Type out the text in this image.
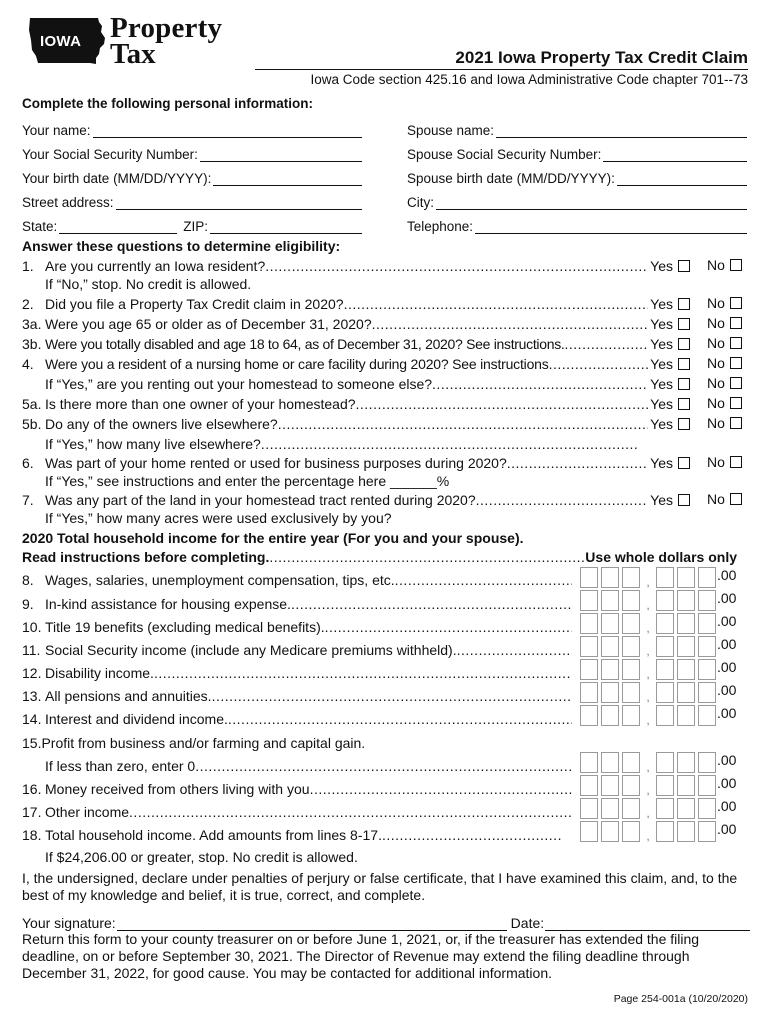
IOWA Property
Tax	2021 Iowa Property Tax Credit Claim
Iowa Code section 425.16 and Iowa Administrative Code chapter 701--73
Complete the following personal information:
Your name:	Spouse name:
Your Social Security Number:	Spouse Social Security Number:
Your birth date (MM/DD/YYYY):	Spouse birth date (MM/DD/YYYY):
Street address:	City:
State:	ZIP:	Telephone:
Answer these questions to determine eligibility:
1. Are you currently an Iowa resident? .....	Yes	No
If “No,” stop. No credit is allowed.
2. Did you file a Property Tax Credit claim in 2020? .....	Yes	No
3a. Were you age 65 or older as of December 31, 2020? .....	Yes	No
3b. Were you totally disabled and age 18 to 64, as of December 31, 2020? See instructions. .....	Yes	No
4. Were you a resident of a nursing home or care facility during 2020? See instructions .....	Yes	No
If “Yes,” are you renting out your homestead to someone else? .....	Yes	No
5a. Is there more than one owner of your homestead? .....	Yes	No
5b. Do any of the owners live elsewhere? .....	Yes	No
If “Yes,” how many live elsewhere?
.....
6. Was part of your home rented or used for business purposes during 2020? .....	Yes	No
If “Yes,” see instructions and enter the percentage here ______%
7. Was any part of the land in your homestead tract rented during 2020? .....	Yes	No
If “Yes,” how many acres were used exclusively by you?
2020 Total household income for the entire year (For you and your spouse).
Read instructions before completing. .....	Use whole dollars only
8. Wages, salaries, unemployment compensation, tips, etc. .....	,	.00
9. In-kind assistance for housing expense. .....	,	.00
10. Title 19 benefits (excluding medical benefits). .....	,	.00
11. Social Security income (include any Medicare premiums withheld). .....	,	.00
12. Disability income. .....	,	.00
13. All pensions and annuities. .....	,	.00
14. Interest and dividend income. .....	,	.00
15.Profit from business and/or farming and capital gain.
If less than zero, enter 0 .....	,	.00
16. Money received from others living with you .....	,	.00
17. Other income .....	,	.00
18. Total household income. Add amounts from lines 8-17. .....	,	.00
If $24,206.00 or greater, stop. No credit is allowed.
I, the undersigned, declare under penalties of perjury or false certificate, that I have examined this claim, and, to the best of my knowledge and belief, it is true, correct, and complete.
Your signature:	Date:
Return this form to your county treasurer on or before June 1, 2021, or, if the treasurer has extended the filing deadline, on or before September 30, 2021. The Director of Revenue may extend the filing deadline through December 31, 2022, for good cause. You may be contacted for additional information.
Page 254-001a (10/20/2020)
